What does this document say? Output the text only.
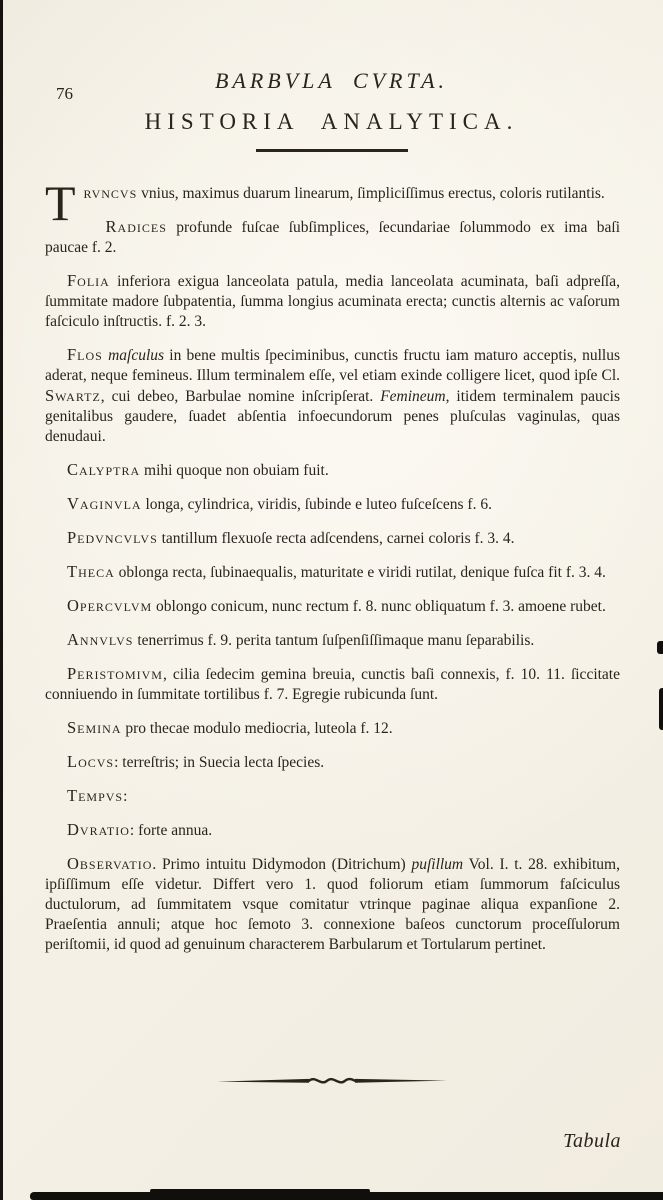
76
BARBVLA CVRTA.
HISTORIA ANALYTICA.

Trvncvs vnius, maximus duarum linearum, ſimpliciſſimus erectus, coloris rutilantis.

Radices profunde fuſcae ſubſimplices, ſecundariae ſolummodo ex ima baſi paucae f. 2.

Folia inferiora exigua lanceolata patula, media lanceolata acuminata, baſi adpreſſa, ſummitate madore ſubpatentia, ſumma longius acuminata erecta; cunctis alternis ac vaſorum faſciculo inſtructis. f. 2. 3.

Flos maſculus in bene multis ſpeciminibus, cunctis fructu iam maturo acceptis, nullus aderat, neque femineus. Illum terminalem eſſe, vel etiam exinde colligere licet, quod ipſe Cl. Swartz, cui debeo, Barbulae nomine inſcripſerat. Femineum, itidem terminalem paucis genitalibus gaudere, ſuadet abſentia infoecundorum penes pluſculas vaginulas, quas denudaui.

Calyptra mihi quoque non obuiam fuit.

Vaginvla longa, cylindrica, viridis, ſubinde e luteo fuſceſcens f. 6.

Pedvncvlvs tantillum flexuoſe recta adſcendens, carnei coloris f. 3. 4.

Theca oblonga recta, ſubinaequalis, maturitate e viridi rutilat, denique fuſca fit f. 3. 4.

Opercvlvm oblongo conicum, nunc rectum f. 8. nunc obliquatum f. 3. amoene rubet.

Annvlvs tenerrimus f. 9. perita tantum ſuſpenſiſſimaque manu ſeparabilis.

Peristomivm, cilia ſedecim gemina breuia, cunctis baſi connexis, f. 10. 11. ſiccitate conniuendo in ſummitate tortilibus f. 7. Egregie rubicunda ſunt.

Semina pro thecae modulo mediocria, luteola f. 12.

Locvs: terreſtris; in Suecia lecta ſpecies.

Tempvs:

Dvratio: forte annua.

Observatio. Primo intuitu Didymodon (Ditrichum) puſillum Vol. I. t. 28. exhibitum, ipſiſſimum eſſe videtur. Differt vero 1. quod foliorum etiam ſummorum faſciculus ductulorum, ad ſummitatem vsque comitatur vtrinque paginae aliqua expanſione 2. Praeſentia annuli; atque hoc ſemoto 3. connexione baſeos cunctorum proceſſulorum periſtomii, id quod ad genuinum characterem Barbularum et Tortularum pertinet.

Tabula
